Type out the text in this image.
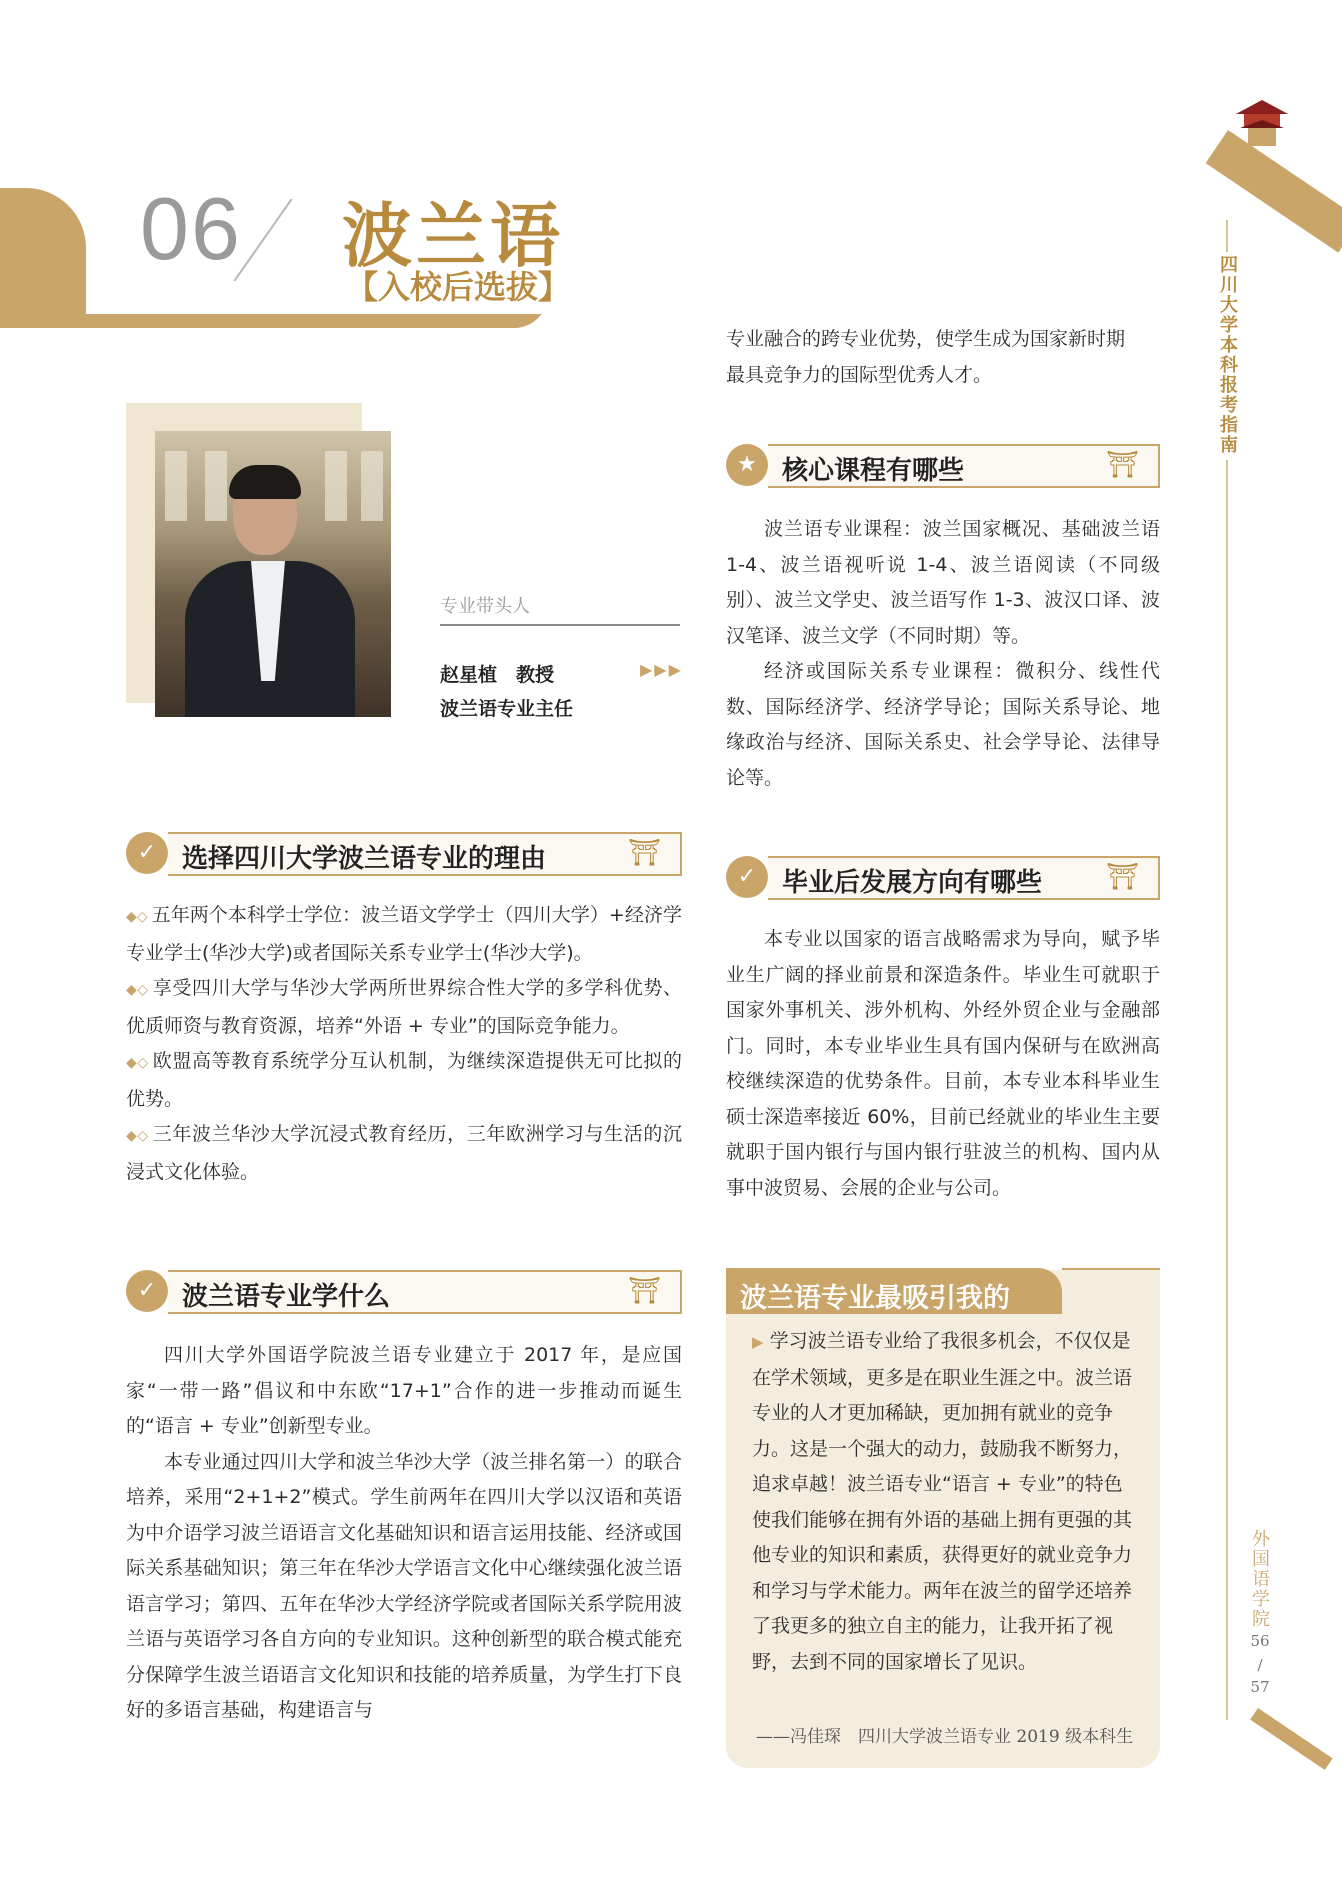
06 波兰语
【入校后选拔】
四川大学本科报考指南
外国语学院
56
/
57
专业带头人
赵星植　教授
波兰语专业主任
▶▶▶

专业融合的跨专业优势，使学生成为国家新时期

最具竞争力的国际型优秀人才。

★ 核心课程有哪些	⛩

波兰语专业课程：波兰国家概况、基础波兰语 1-4、波兰语视听说 1-4、波兰语阅读（不同级别）、波兰文学史、波兰语写作 1-3、波汉口译、波汉笔译、波兰文学（不同时期）等。

经济或国际关系专业课程：微积分、线性代数、国际经济学、经济学导论；国际关系导论、地缘政治与经济、国际关系史、社会学导论、法律导论等。

✓ 选择四川大学波兰语专业的理由	⛩

◆◇ 五年两个本科学士学位：波兰语文学学士（四川大学）+经济学专业学士(华沙大学)或者国际关系专业学士(华沙大学)。

◆◇ 享受四川大学与华沙大学两所世界综合性大学的多学科优势、优质师资与教育资源，培养“外语 + 专业”的国际竞争能力。

◆◇ 欧盟高等教育系统学分互认机制，为继续深造提供无可比拟的优势。

◆◇ 三年波兰华沙大学沉浸式教育经历，三年欧洲学习与生活的沉浸式文化体验。

✓ 毕业后发展方向有哪些 ⛩

本专业以国家的语言战略需求为导向，赋予毕业生广阔的择业前景和深造条件。毕业生可就职于国家外事机关、涉外机构、外经外贸企业与金融部门。同时，本专业毕业生具有国内保研与在欧洲高校继续深造的优势条件。目前，本专业本科毕业生硕士深造率接近 60%，目前已经就业的毕业生主要就职于国内银行与国内银行驻波兰的机构、国内从事中波贸易、会展的企业与公司。

✓ 波兰语专业学什么	⛩

四川大学外国语学院波兰语专业建立于 2017 年，是应国家“一带一路”倡议和中东欧“17+1”合作的进一步推动而诞生的“语言 + 专业”创新型专业。

本专业通过四川大学和波兰华沙大学（波兰排名第一）的联合培养，采用“2+1+2”模式。学生前两年在四川大学以汉语和英语为中介语学习波兰语语言文化基础知识和语言运用技能、经济或国际关系基础知识；第三年在华沙大学语言文化中心继续强化波兰语语言学习；第四、五年在华沙大学经济学院或者国际关系学院用波兰语与英语学习各自方向的专业知识。这种创新型的联合模式能充分保障学生波兰语语言文化知识和技能的培养质量，为学生打下良好的多语言基础，构建语言与

波兰语专业最吸引我的
▶ 学习波兰语专业给了我很多机会，不仅仅是在学术领域，更多是在职业生涯之中。波兰语专业的人才更加稀缺，更加拥有就业的竞争力。这是一个强大的动力，鼓励我不断努力，追求卓越！波兰语专业“语言 + 专业”的特色使我们能够在拥有外语的基础上拥有更强的其他专业的知识和素质，获得更好的就业竞争力和学习与学术能力。两年在波兰的留学还培养了我更多的独立自主的能力，让我开拓了视野，去到不同的国家增长了见识。
——冯佳琛　四川大学波兰语专业 2019 级本科生
